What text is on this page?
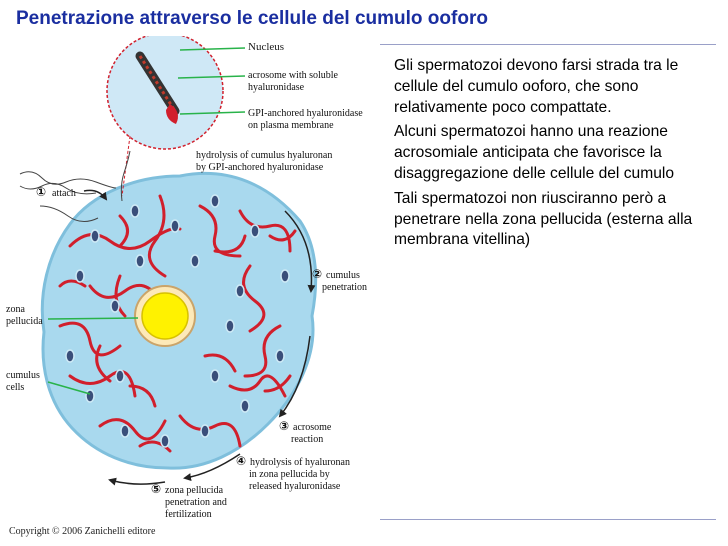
Penetrazione attraverso le cellule del cumulo ooforo
Nucleus
acrosome with soluble
hyaluronidase
GPI-anchored hyaluronidase
on plasma membrane
hydrolysis of cumulus hyaluronan
by GPI-anchored hyaluronidase
① attach
② cumulus
penetration
③ acrosome
reaction
④ hydrolysis of hyaluronan
in zona pellucida by
released hyaluronidase
⑤ zona pellucida
penetration and
fertilization
zona
pellucida
cumulus
cells

Gli spermatozoi devono farsi strada tra le cellule del cumulo ooforo, che sono relativamente poco compattate.

Alcuni spermatozoi hanno una reazione acrosomiale anticipata che favorisce la disaggregazione delle cellule del cumulo

Tali spermatozoi non riusciranno però a penetrare nella zona pellucida (esterna alla membrana vitellina)

Copyright © 2006 Zanichelli editore
